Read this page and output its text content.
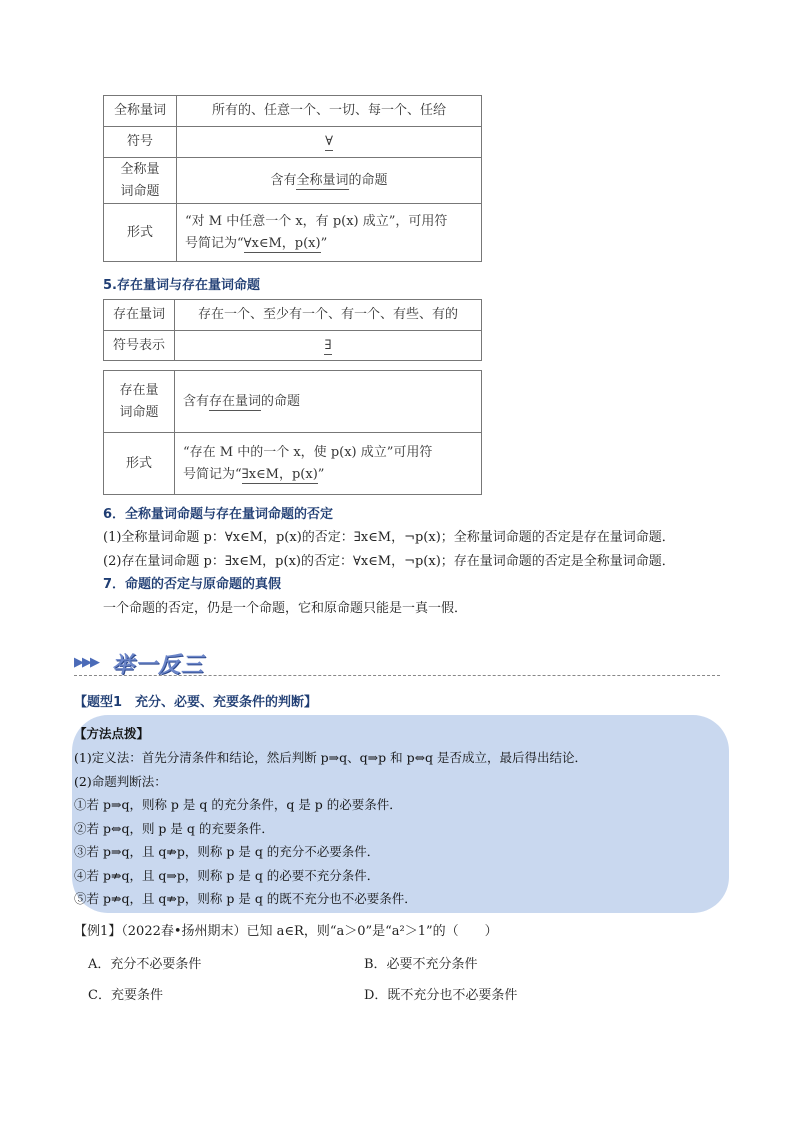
全称量词	所有的、任意一个、一切、每一个、任给
符号	∀

全称量词命题	含有全称量词的命题
形式	“对 M 中任意一个 x，有 p(x) 成立”，可用符
号简记为“∀x∈M，p(x)”
5.存在量词与存在量词命题
存在量词	存在一个、至少有一个、有一个、有些、有的
符号表示	∃
存在量词命题	含有存在量词的命题
形式	“存在 M 中的一个 x，使 p(x) 成立”可用符
号简记为“∃x∈M，p(x)”
6．全称量词命题与存在量词命题的否定
(1)全称量词命题 p：∀x∈M，p(x)的否定：∃x∈M，¬p(x)；全称量词命题的否定是存在量词命题．
(2)存在量词命题 p：∃x∈M，p(x)的否定：∀x∈M，¬p(x)；存在量词命题的否定是全称量词命题．
7．命题的否定与原命题的真假
一个命题的否定，仍是一个命题，它和原命题只能是一真一假．
▶▶▶ 举一反三
【题型1　充分、必要、充要条件的判断】
【方法点拨】
(1)定义法：首先分清条件和结论，然后判断 p⇒q、q⇒p 和 p⇔q 是否成立，最后得出结论．
(2)命题判断法：
①若 p⇒q，则称 p 是 q 的充分条件，q 是 p 的必要条件．
②若 p⇔q，则 p 是 q 的充要条件．
③若 p⇒q，且 q⇏p，则称 p 是 q 的充分不必要条件．
④若 p⇏q，且 q⇒p，则称 p 是 q 的必要不充分条件．
⑤若 p⇏q，且 q⇏p，则称 p 是 q 的既不充分也不必要条件．
【例1】（2022春•扬州期末）已知 a∈R，则“a＞0”是“a²＞1”的（　　）
A．充分不必要条件	B．必要不充分条件
C．充要条件	D．既不充分也不必要条件
